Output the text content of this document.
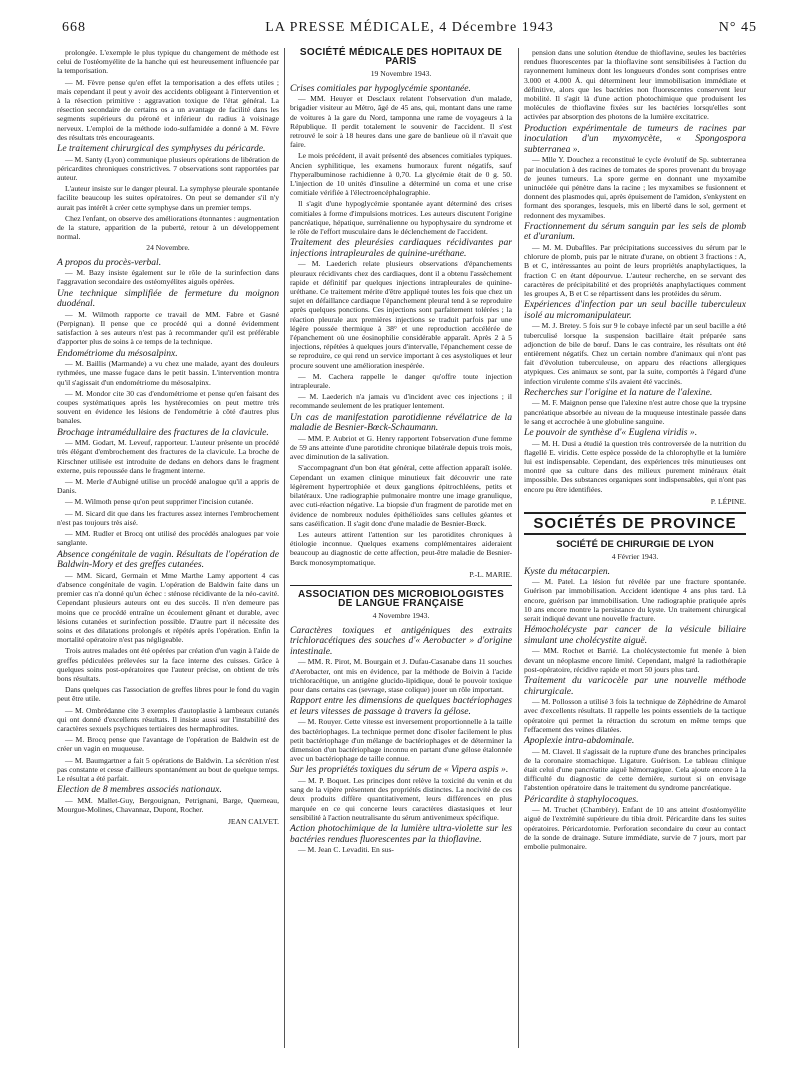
668	LA PRESSE MÉDICALE, 4 Décembre 1943	N° 45

prolongée. L'exemple le plus typique du changement de méthode est celui de l'ostéomyélite de la hanche qui est heureusement influencée par la temporisation.

— M. Fèvre pense qu'en effet la temporisation a des effets utiles ; mais cependant il peut y avoir des accidents obligeant à l'intervention et à la résection primitive : aggravation toxique de l'état général. La résection secondaire de certains os a un avantage de facilité dans les segments supérieurs du péroné et inférieur du radius à voisinage nerveux. L'emploi de la méthode iodo-sulfamidée a donné à M. Fèvre des résultats très encourageants.

Le traitement chirurgical des symphyses du péricarde.

— M. Santy (Lyon) communique plusieurs opérations de libération de péricardites chroniques constrictives. 7 observations sont rapportées par auteur.

L'auteur insiste sur le danger pleural. La symphyse pleurale spontanée facilite beaucoup les suites opératoires. On peut se demander s'il n'y aurait pas intérêt à créer cette symphyse dans un premier temps.

Chez l'enfant, on observe des améliorations étonnantes : augmentation de la stature, apparition de la puberté, retour à un développement normal.

24 Novembre.

A propos du procès-verbal.

— M. Bazy insiste également sur le rôle de la surinfection dans l'aggravation secondaire des ostéomyélites aiguës opérées.

Une technique simplifiée de fermeture du moignon duodénal.

— M. Wilmoth rapporte ce travail de MM. Fabre et Gasné (Perpignan). Il pense que ce procédé qui a donné évidemment satisfaction à ses auteurs n'est pas à recommander qu'il est préférable d'apporter plus de soins à ce temps de la technique.

Endométriome du mésosalpinx.

— M. Baillis (Marmande) a vu chez une malade, ayant des douleurs rythmées, une masse fugace dans le petit bassin. L'intervention montra qu'il s'agissait d'un endométriome du mésosalpinx.

— M. Mondor cite 30 cas d'endométriome et pense qu'en faisant des coupes systématiques après les hystérecomies on peut mettre très souvent en évidence les lésions de l'endométrie à côté d'autres plus banales.

Brochage intramédullaire des fractures de la clavicule.

— MM. Godart, M. Leveuf, rapporteur. L'auteur présente un procédé très élégant d'embrochement des fractures de la clavicule. La broche de Kirschner utilisée est introduite de dedans en dehors dans le fragment externe, puis repoussée dans le fragment interne.

— M. Merle d'Aubigné utilise un procédé analogue qu'il a appris de Danis.

— M. Wilmoth pense qu'on peut supprimer l'incision cutanée.

— M. Sicard dit que dans les fractures assez internes l'embrochement n'est pas toujours très aisé.

— MM. Rudler et Brocq ont utilisé des procédés analogues par voie sanglante.

Absence congénitale de vagin. Résultats de l'opération de Baldwin-Mory et des greffes cutanées.

— MM. Sicard, Germain et Mme Marthe Lamy apportent 4 cas d'absence congénitale de vagin. L'opération de Baldwin faite dans un premier cas n'a donné qu'un échec : sténose récidivante de la néo-cavité. Cependant plusieurs auteurs ont eu des succès. Il n'en demeure pas moins que ce procédé entraîne un écoulement gênant et durable, avec lésions cutanées et surinfection possible. D'autre part il nécessite des soins et des dilatations prolongés et répétés après l'opération. Enfin la mortalité opératoire n'est pas négligeable.

Trois autres malades ont été opérées par création d'un vagin à l'aide de greffes pédiculées prélevées sur la face interne des cuisses. Grâce à quelques soins post-opératoires que l'auteur précise, on obtient de très bons résultats.

Dans quelques cas l'association de greffes libres pour le fond du vagin peut être utile.

— M. Ombrédanne cite 3 exemples d'autoplastie à lambeaux cutanés qui ont donné d'excellents résultats. Il insiste aussi sur l'instabilité des caractères sexuels psychiques tertiaires des hermaphrodites.

— M. Brocq pense que l'avantage de l'opération de Baldwin est de créer un vagin en muqueuse.

— M. Baumgartner a fait 5 opérations de Baldwin. La sécrétion n'est pas constante et cesse d'ailleurs spontanément au bout de quelque temps. Le résultat a été parfait.

Election de 8 membres associés nationaux.

— MM. Mallet-Guy, Bergouignan, Petrignani, Barge, Querneau, Mourgue-Molines, Chavannaz, Dupont, Rocher.

JEAN CALVET.

SOCIÉTÉ MÉDICALE DES HOPITAUX DE PARIS

19 Novembre 1943.

Crises comitiales par hypoglycémie spontanée.

— MM. Heuyer et Desclaux relatent l'observation d'un malade, brigadier visiteur au Métro, âgé de 45 ans, qui, montant dans une rame de voitures à la gare du Nord, tamponna une rame de voyageurs à la République. Il perdit totalement le souvenir de l'accident. Il s'est retrouvé le soir à 18 heures dans une gare de banlieue où il n'avait que faire.

Le mois précédent, il avait présenté des absences comitiales typiques. Ancien syphilitique, les examens humoraux furent négatifs, sauf l'hyperalbuminose rachidienne à 0,70. La glycémie était de 0 g. 50. L'injection de 10 unités d'insuline a déterminé un coma et une crise comitiale vérifiée à l'électroencéphalographie.

Il s'agit d'une hypoglycémie spontanée ayant déterminé des crises comitiales à forme d'impulsions motrices. Les auteurs discutent l'origine pancréatique, hépatique, surrénalienne ou hypophysaire du syndrome et le rôle de l'effort musculaire dans le déclenchement de l'accident.

Traitement des pleurésies cardiaques récidivantes par injections intrapleurales de quinine-uréthane.

— M. Laederich relate plusieurs observations d'épanchements pleuraux récidivants chez des cardiaques, dont il a obtenu l'assèchement rapide et définitif par quelques injections intrapleurales de quinine-uréthane. Ce traitement mérite d'être appliqué toutes les fois que chez un sujet en défaillance cardiaque l'épanchement pleural tend à se reproduire après quelques ponctions. Ces injections sont parfaitement tolérées ; la réaction pleurale aux premières injections se traduit parfois par une légère poussée thermique à 38° et une reproduction accélérée de l'épanchement où une éosinophilie considérable apparaît. Après 2 à 5 injections, répétées à quelques jours d'intervalle, l'épanchement cesse de se reproduire, ce qui rend un service important à ces asystoliques et leur procure souvent une amélioration inespérée.

— M. Cachera rappelle le danger qu'offre toute injection intrapleurale.

— M. Laederich n'a jamais vu d'incident avec ces injections ; il recommande seulement de les pratiquer lentement.

Un cas de manifestation parotidienne révélatrice de la maladie de Besnier-Bœck-Schaumann.

— MM. P. Aubriot et G. Henry rapportent l'observation d'une femme de 59 ans atteinte d'une parotidite chronique bilatérale depuis trois mois, avec diminution de la salivation.

S'accompagnant d'un bon état général, cette affection apparaît isolée. Cependant un examen clinique minutieux fait découvrir une rate légèrement hypertrophiée et deux ganglions épitrochléens, petits et bilatéraux. Une radiographie pulmonaire montre une image granulique, avec cuti-réaction négative. La biopsie d'un fragment de parotide met en évidence de nombreux nodules épithélioïdes sans cellules géantes et sans caséification. Il s'agit donc d'une maladie de Besnier-Bœck.

Les auteurs attirent l'attention sur les parotidites chroniques à étiologie inconnue. Quelques examens complémentaires aideraient beaucoup au diagnostic de cette affection, peut-être maladie de Besnier-Bœck monosymptomatique.

P.-L. MARIE.

ASSOCIATION DES MICROBIOLOGISTES
DE LANGUE FRANÇAISE

4 Novembre 1943.

Caractères toxiques et antigéniques des extraits trichloracétiques des souches d'« Aerobacter » d'origine intestinale.

— MM. R. Pirot, M. Bourgain et J. Dufau-Casanabe dans 11 souches d'Aerobacter, ont mis en évidence, par la méthode de Boivin à l'acide trichloracétique, un antigène glucido-lipidique, doué le pouvoir toxique pour dans certains cas (sevrage, stase colique) jouer un rôle important.

Rapport entre les dimensions de quelques bactériophages et leurs vitesses de passage à travers la gélose.

— M. Rouyer. Cette vitesse est inversement proportionnelle à la taille des bactériophages. La technique permet donc d'isoler facilement le plus petit bactériophage d'un mélange de bactériophages et de déterminer la dimension d'un bactériophage inconnu en partant d'une gélose étalonnée avec un bactériophage de taille connue.

Sur les propriétés toxiques du sérum de « Vipera aspis ».

— M. P. Boquet. Les principes dont relève la toxicité du venin et du sang de la vipère présentent des propriétés distinctes. La nocivité de ces deux produits diffère quantitativement, leurs différences en plus marquée en ce qui concerne leurs caractères diastasiques et leur sensibilité à l'action neutralisante du sérum antivenimeux spécifique.

Action photochimique de la lumière ultra-violette sur les bactéries rendues fluorescentes par la thioflavine.

— M. Jean C. Levaditi. En sus-

pension dans une solution étendue de thioflavine, seules les bactéries rendues fluorescentes par la thioflavine sont sensibilisées à l'action du rayonnement lumineux dont les longueurs d'ondes sont comprises entre 3.000 et 4.000 Å. qui déterminent leur immobilisation immédiate et définitive, alors que les bactéries non fluorescentes conservent leur mobilité. Il s'agit là d'une action photochimique que produisent les molécules de thioflavine fixées sur les bactéries lorsqu'elles sont activées par absorption des photons de la lumière excitatrice.

Production expérimentale de tumeurs de racines par inoculation d'un myxomycète, « Spongospora subterranea ».

— Mlle Y. Douchez a reconstitué le cycle évolutif de Sp. subterranea par inoculation à des racines de tomates de spores provenant du broyage de jeunes tumeurs. La spore germe en donnant une myxamibe uninucléée qui pénètre dans la racine ; les myxamibes se fusionnent et donnent des plasmodes qui, après épuisement de l'amidon, s'enkystent en formant des sporanges, lesquels, mis en liberté dans le sol, germent et redonnent des myxamibes.

Fractionnement du sérum sanguin par les sels de plomb et d'uranium.

— M. M. Dubaflles. Par précipitations successives du sérum par le chlorure de plomb, puis par le nitrate d'urane, on obtient 3 fractions : A, B et C, intéressantes au point de leurs propriétés anaphylactiques, la fraction C en étant dépourvue. L'auteur recherche, en se servant des caractères de précipitabilité et des propriétés anaphylactiques comment les groupes A, B et C se répartissent dans les protéides du sérum.

Expériences d'infection par un seul bacille tuberculeux isolé au micromanipulateur.

— M. J. Bretey. 5 fois sur 9 le cobaye infecté par un seul bacille a été tuberculisé lorsque la suspension bacillaire était préparée sans adjonction de bile de bœuf. Dans le cas contraire, les résultats ont été entièrement négatifs. Chez un certain nombre d'animaux qui n'ont pas fait d'évolution tuberculeuse, on apparu des réactions allergiques atypiques. Ces animaux se sont, par la suite, comportés à l'égard d'une infection virulente comme s'ils avaient été vaccinés.

Recherches sur l'origine et la nature de l'alexine.

— M. F. Maignon pense que l'alexine n'est autre chose que la trypsine pancréatique absorbée au niveau de la muqueuse intestinale passée dans le sang et accrochée à une globuline sanguine.

Le pouvoir de synthèse d'« Euglena viridis ».

— M. H. Dusi a étudié la question très controversée de la nutrition du flagellé E. viridis. Cette espèce possède de la chlorophylle et la lumière lui est indispensable. Cependant, des expériences très minutieuses ont montré que sa culture dans des milieux purement minéraux était impossible. Des substances organiques sont indispensables, qui n'ont pas encore pu être identifiées.

P. LÉPINE.

SOCIÉTÉS DE PROVINCE
SOCIÉTÉ DE CHIRURGIE DE LYON

4 Février 1943.

Kyste du métacarpien.

— M. Patel. La lésion fut révélée par une fracture spontanée. Guérison par immobilisation. Accident identique 4 ans plus tard. Là encore, guérison par immobilisation. Une radiographie pratiquée après 10 ans encore montre la persistance du kyste. Un traitement chirurgical serait indiqué devant une nouvelle fracture.

Hémocholécyste par cancer de la vésicule biliaire simulant une cholécystite aiguë.

— MM. Rochet et Barrié. La cholécystectomie fut menée à bien devant un néoplasme encore limité. Cependant, malgré la radiothérapie post-opératoire, récidive rapide et mort 50 jours plus tard.

Traitement du varicocèle par une nouvelle méthode chirurgicale.

— M. Pollosson a utilisé 3 fois la technique de Zéphédrine de Amarol avec d'excellents résultats. Il rappelle les points essentiels de la tactique opératoire qui permet la rétraction du scrotum en même temps que l'effacement des veines dilatées.

Apoplexie intra-abdominale.

— M. Clavel. Il s'agissait de la rupture d'une des branches principales de la coronaire stomachique. Ligature. Guérison. Le tableau clinique était celui d'une pancréatite aiguë hémorragique. Cela ajoute encore à la difficulté du diagnostic de cette dernière, surtout si on envisage l'abstention opératoire dans le traitement du syndrome pancréatique.

Péricardite à staphylocoques.

— M. Truchet (Chambéry). Enfant de 10 ans atteint d'ostéomyélite aiguë de l'extrémité supérieure du tibia droit. Péricardite dans les suites opératoires. Péricardotomie. Perforation secondaire du cœur au contact de la sonde de drainage. Suture immédiate, survie de 7 jours, mort par embolie pulmonaire.
